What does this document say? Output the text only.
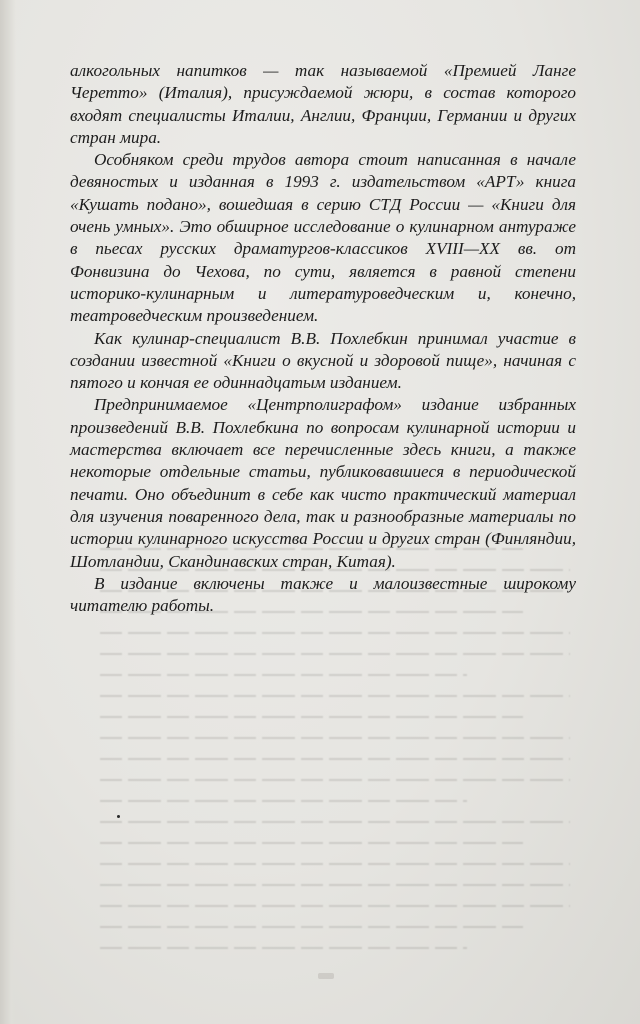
алкогольных напитков — так называемой «Премией Ланге Черетто» (Италия), присуждаемой жюри, в состав которого входят специалисты Италии, Англии, Франции, Германии и других стран мира.

Особняком среди трудов автора стоит написанная в начале девяностых и изданная в 1993 г. издательством «АРТ» книга «Кушать подано», вошедшая в серию СТД России — «Книги для очень умных». Это обширное исследование о кулинарном антураже в пьесах русских драматургов-классиков XVIII—XX вв. от Фонвизина до Чехова, по сути, является в равной степени историко-кулинарным и литературоведческим и, конечно, театроведческим произведением.

Как кулинар-специалист В.В. Похлебкин принимал участие в создании известной «Книги о вкусной и здоровой пище», начиная с пятого и кончая ее одиннадцатым изданием.

Предпринимаемое «Центрполиграфом» издание избранных произведений В.В. Похлебкина по вопросам кулинарной истории и мастерства включает все перечисленные здесь книги, а также некоторые отдельные статьи, публиковавшиеся в периодической печати. Оно объединит в себе как чисто практический материал для изучения поваренного дела, так и разнообразные материалы по истории кулинарного искусства России и других стран (Финляндии, Шотландии, Скандинавских стран, Китая).

В издание включены также и малоизвестные широкому читателю работы.
